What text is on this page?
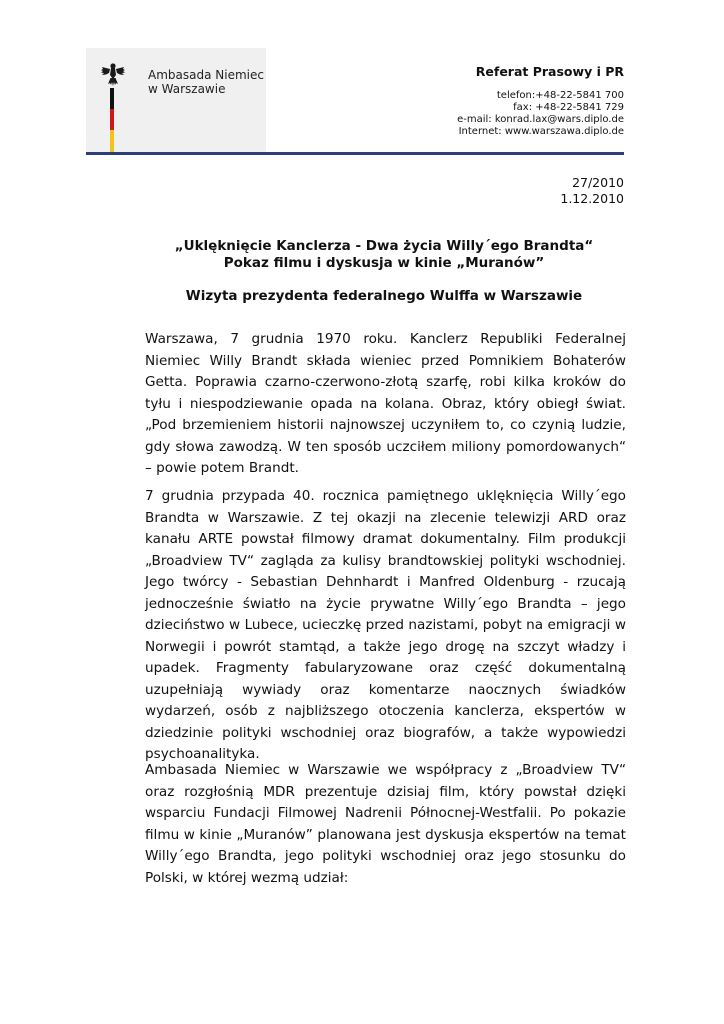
Ambasada Niemiec
w Warszawie
Referat Prasowy i PR
telefon:+48-22-5841 700
fax: +48-22-5841 729
e-mail: konrad.lax@wars.diplo.de
Internet: www.warszawa.diplo.de
27/2010
1.12.2010
„Uklęknięcie Kanclerza - Dwa życia Willy´ego Brandta“
Pokaz filmu i dyskusja w kinie „Muranów”
Wizyta prezydenta federalnego Wulffa w Warszawie
Warszawa, 7 grudnia 1970 roku. Kanclerz Republiki Federalnej Niemiec Willy Brandt składa wieniec przed Pomnikiem Bohaterów Getta. Poprawia czarno-czerwono-złotą szarfę, robi kilka kroków do tyłu i niespodziewanie opada na kolana. Obraz, który obiegł świat. „Pod brzemieniem historii najnowszej uczyniłem to, co czynią ludzie, gdy słowa zawodzą. W ten sposób uczciłem miliony pomordowanych“ – powie potem Brandt.
7 grudnia przypada 40. rocznica pamiętnego uklęknięcia Willy´ego Brandta w Warszawie. Z tej okazji na zlecenie telewizji ARD oraz kanału ARTE powstał filmowy dramat dokumentalny. Film produkcji „Broadview TV“ zagląda za kulisy brandtowskiej polityki wschodniej. Jego twórcy - Sebastian Dehnhardt i Manfred Oldenburg - rzucają jednocześnie światło na życie prywatne Willy´ego Brandta – jego dzieciństwo w Lubece, ucieczkę przed nazistami, pobyt na emigracji w Norwegii i powrót stamtąd, a także jego drogę na szczyt władzy i upadek. Fragmenty fabularyzowane oraz część dokumentalną uzupełniają wywiady oraz komentarze naocznych świadków wydarzeń, osób z najbliższego otoczenia kanclerza, ekspertów w dziedzinie polityki wschodniej oraz biografów, a także wypowiedzi psychoanalityka.
Ambasada Niemiec w Warszawie we współpracy z „Broadview TV“ oraz rozgłośnią MDR prezentuje dzisiaj film, który powstał dzięki wsparciu Fundacji Filmowej Nadrenii Północnej-Westfalii. Po pokazie filmu w kinie „Muranów” planowana jest dyskusja ekspertów na temat Willy´ego Brandta, jego polityki wschodniej oraz jego stosunku do Polski, w której wezmą udział:
